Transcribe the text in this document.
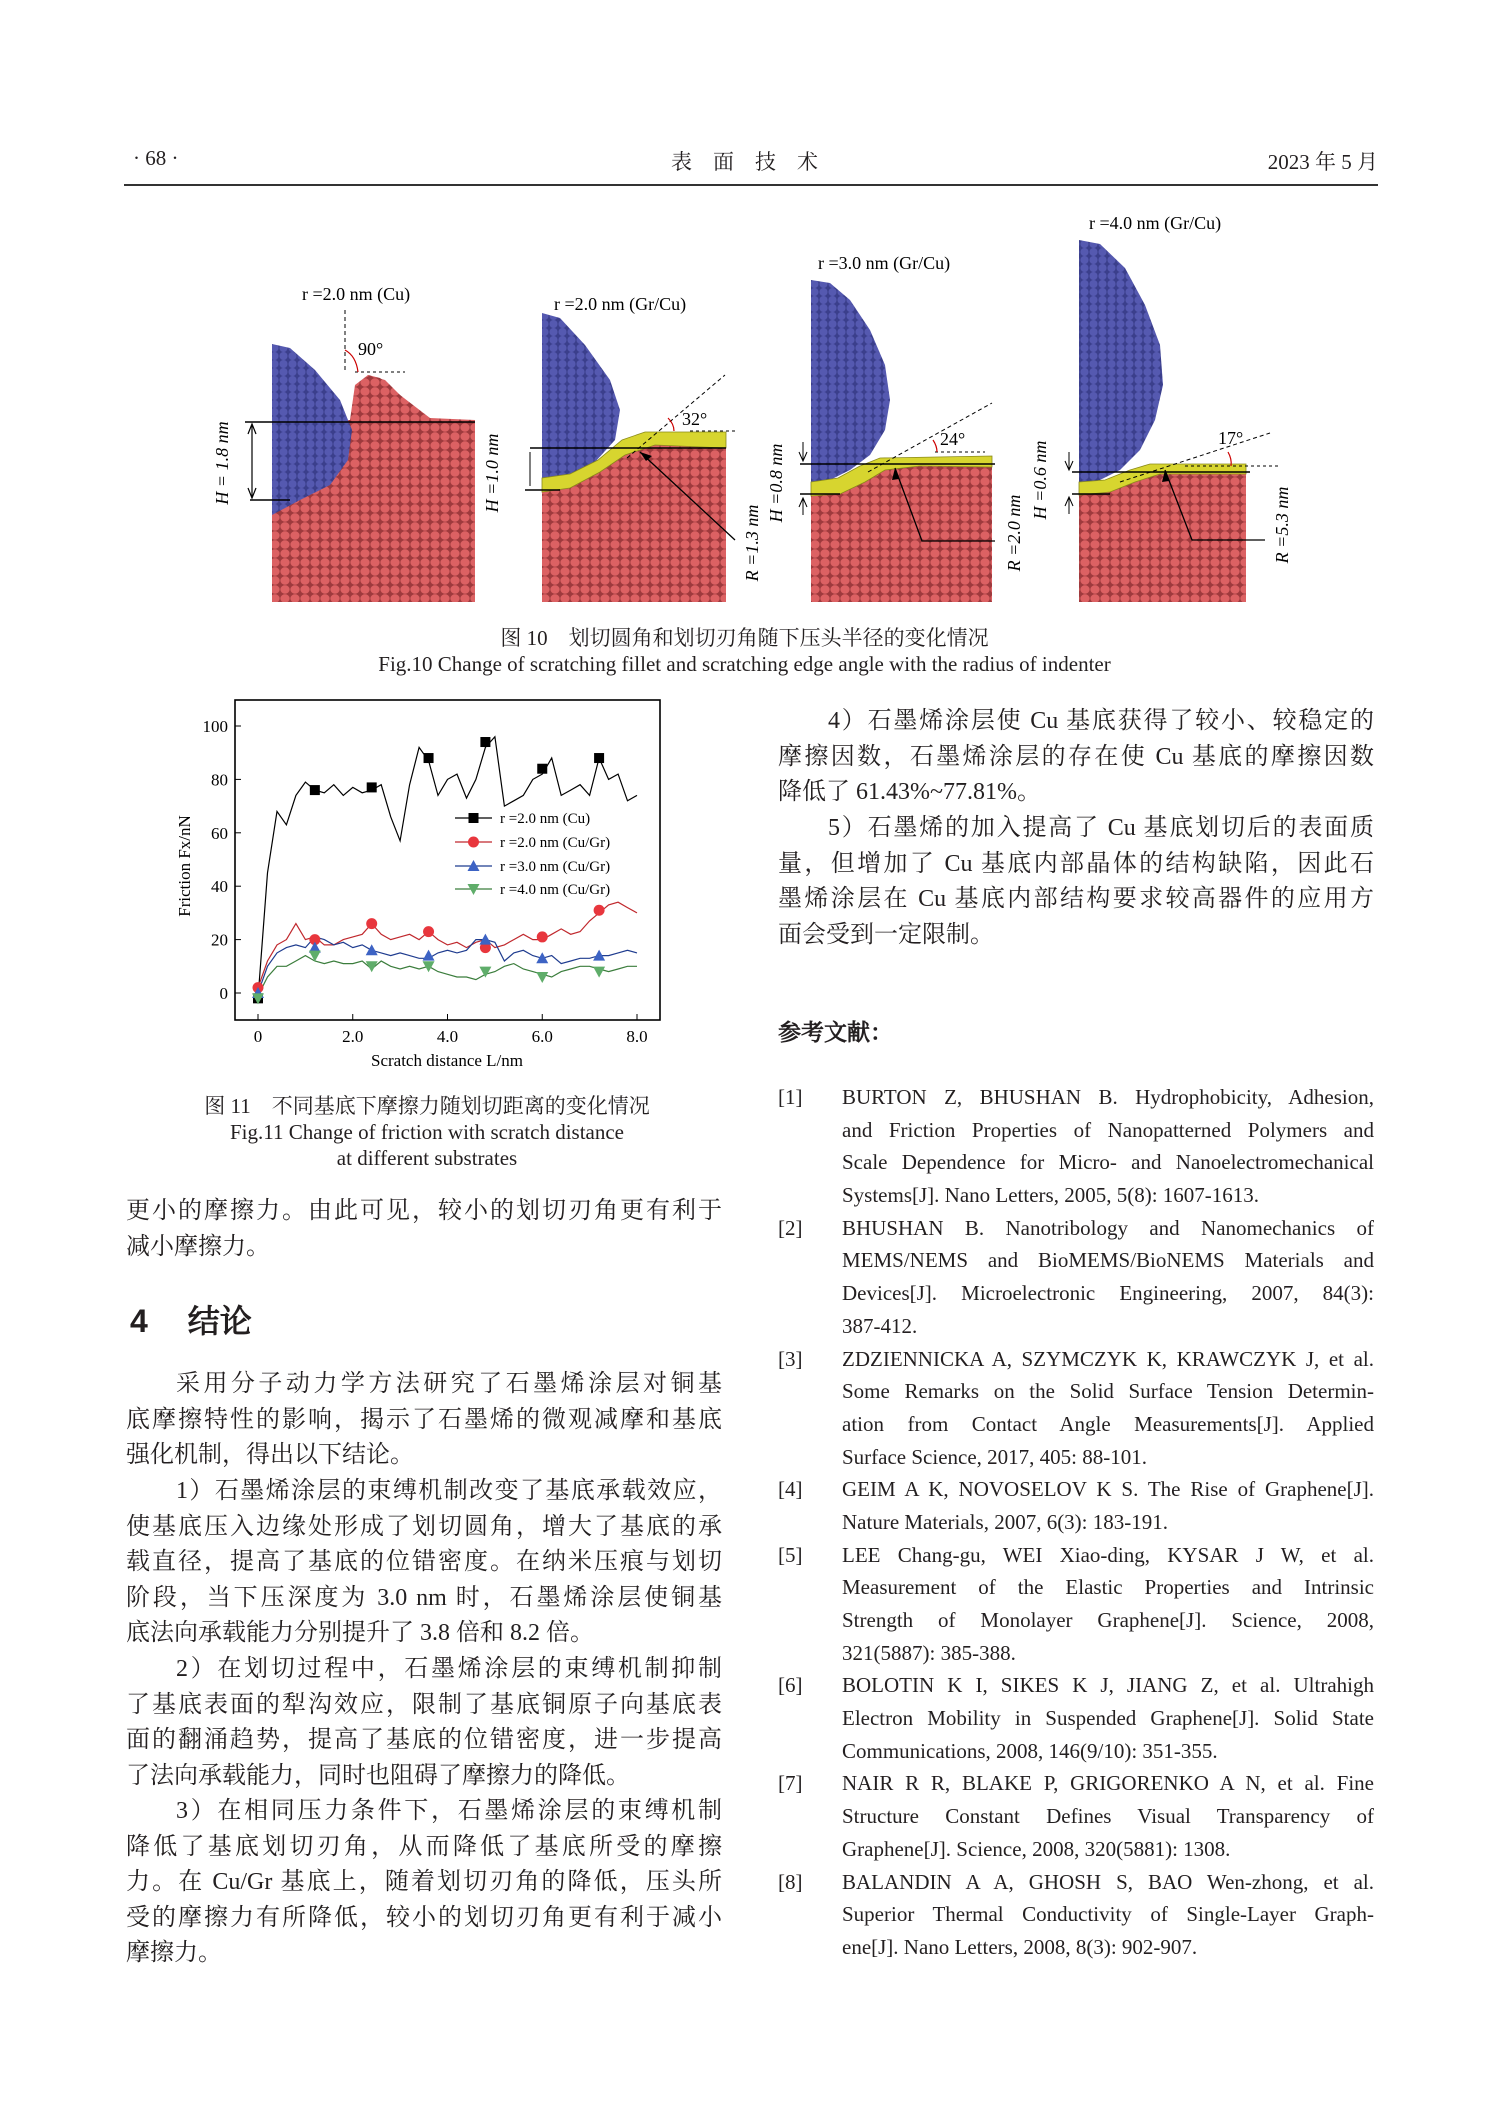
· 68 ·	表　面　技　术	2023 年 5 月
r =2.0 nm (Cu)
90°
H = 1.8 nm
r =2.0 nm (Gr/Cu)
32°
H =1.0 nm
R =1.3 nm
r =3.0 nm (Gr/Cu)
24°
H =0.8 nm
R =2.0 nm
r =4.0 nm (Gr/Cu)
17°
H =0.6 nm
R =5.3 nm
图 10　划切圆角和划切刃角随下压头半径的变化情况
Fig.10 Change of scratching fillet and scratching edge angle with the radius of indenter
0	2.0	4.0	6.0	8.0
0
20
40
60
80
100
r =2.0 nm (Cu)
r =2.0 nm (Cu/Gr)
r =3.0 nm (Cu/Gr)
r =4.0 nm (Cu/Gr)
Scratch distance L/nm
Friction Fx/nN
图 11　不同基底下摩擦力随划切距离的变化情况
Fig.11 Change of friction with scratch distance
at different substrates
更小的摩擦力。由此可见，较小的划切刃角更有利于
减小摩擦力。
4 结论
采用分子动力学方法研究了石墨烯涂层对铜基
底摩擦特性的影响，揭示了石墨烯的微观减摩和基底
强化机制，得出以下结论。
1）石墨烯涂层的束缚机制改变了基底承载效应，
使基底压入边缘处形成了划切圆角，增大了基底的承
载直径，提高了基底的位错密度。在纳米压痕与划切
阶段，当下压深度为 3.0 nm 时，石墨烯涂层使铜基
底法向承载能力分别提升了 3.8 倍和 8.2 倍。
2）在划切过程中，石墨烯涂层的束缚机制抑制
了基底表面的犁沟效应，限制了基底铜原子向基底表
面的翻涌趋势，提高了基底的位错密度，进一步提高
了法向承载能力，同时也阻碍了摩擦力的降低。
3）在相同压力条件下，石墨烯涂层的束缚机制
降低了基底划切刃角，从而降低了基底所受的摩擦
力。在 Cu/Gr 基底上，随着划切刃角的降低，压头所
受的摩擦力有所降低，较小的划切刃角更有利于减小
摩擦力。
4）石墨烯涂层使 Cu 基底获得了较小、较稳定的
摩擦因数，石墨烯涂层的存在使 Cu 基底的摩擦因数
降低了 61.43%~77.81%。
5）石墨烯的加入提高了 Cu 基底划切后的表面质
量，但增加了 Cu 基底内部晶体的结构缺陷，因此石
墨烯涂层在 Cu 基底内部结构要求较高器件的应用方
面会受到一定限制。
参考文献：
[1] BURTON Z, BHUSHAN B. Hydrophobicity, Adhesion,
and Friction Properties of Nanopatterned Polymers and
Scale Dependence for Micro- and Nanoelectromechanical
Systems[J]. Nano Letters, 2005, 5(8): 1607-1613.
[2] BHUSHAN B. Nanotribology and Nanomechanics of
MEMS/NEMS and BioMEMS/BioNEMS Materials and
Devices[J]. Microelectronic Engineering, 2007, 84(3):
387-412.
[3] ZDZIENNICKA A, SZYMCZYK K, KRAWCZYK J, et al.
Some Remarks on the Solid Surface Tension Determin-
ation from Contact Angle Measurements[J]. Applied
Surface Science, 2017, 405: 88-101.
[4] GEIM A K, NOVOSELOV K S. The Rise of Graphene[J].
Nature Materials, 2007, 6(3): 183-191.
[5] LEE Chang-gu, WEI Xiao-ding, KYSAR J W, et al.
Measurement of the Elastic Properties and Intrinsic
Strength of Monolayer Graphene[J]. Science, 2008,
321(5887): 385-388.
[6] BOLOTIN K I, SIKES K J, JIANG Z, et al. Ultrahigh
Electron Mobility in Suspended Graphene[J]. Solid State
Communications, 2008, 146(9/10): 351-355.
[7] NAIR R R, BLAKE P, GRIGORENKO A N, et al. Fine
Structure Constant Defines Visual Transparency of
Graphene[J]. Science, 2008, 320(5881): 1308.
[8] BALANDIN A A, GHOSH S, BAO Wen-zhong, et al.
Superior Thermal Conductivity of Single-Layer Graph-
ene[J]. Nano Letters, 2008, 8(3): 902-907.
